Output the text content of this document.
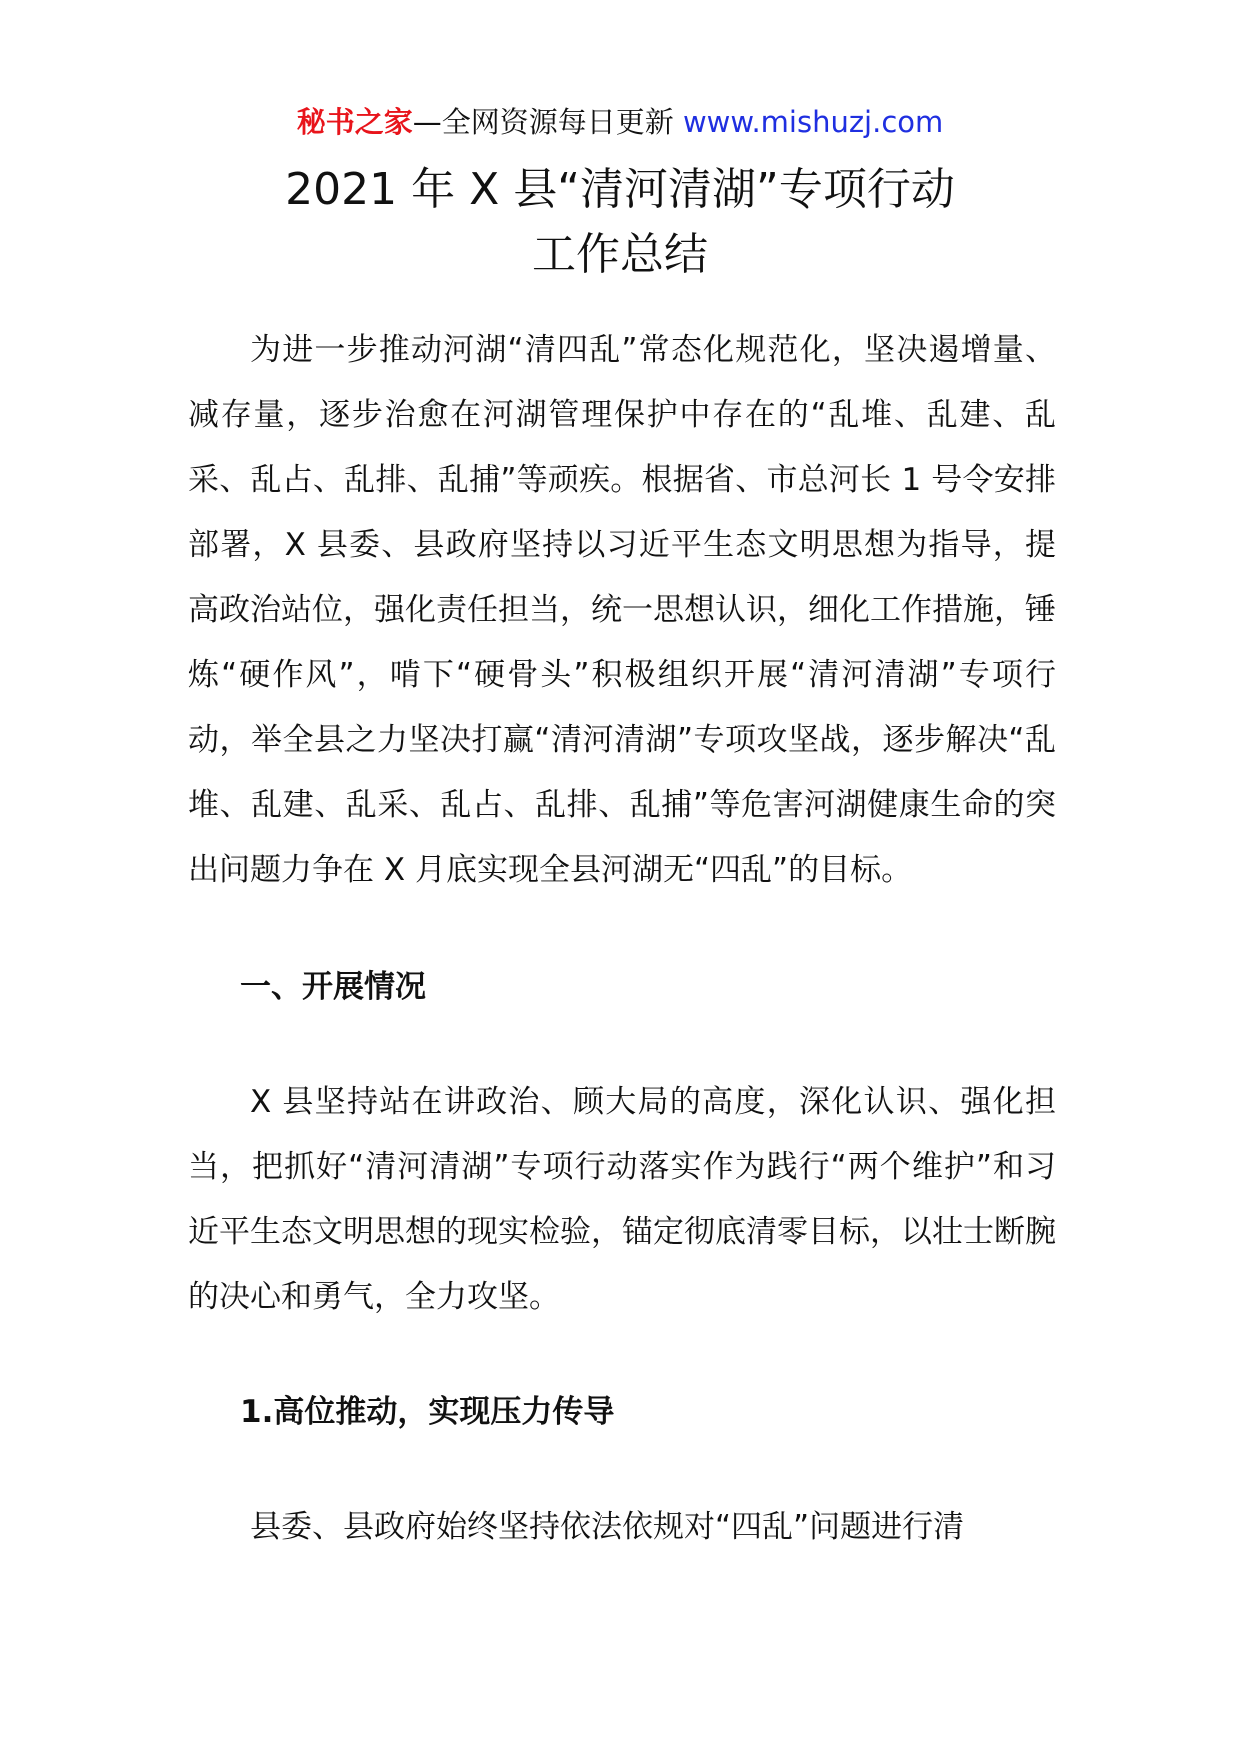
秘书之家—全网资源每日更新 www.mishuzj.com
2021 年 X 县“清河清湖”专项行动
工作总结

为进一步推动河湖“清四乱”常态化规范化，坚决遏增量、减存量，逐步治愈在河湖管理保护中存在的“乱堆、乱建、乱采、乱占、乱排、乱捕”等顽疾。根据省、市总河长 1 号令安排部署，X 县委、县政府坚持以习近平生态文明思想为指导，提高政治站位，强化责任担当，统一思想认识，细化工作措施，锤炼“硬作风”，啃下“硬骨头”积极组织开展“清河清湖”专项行动，举全县之力坚决打赢“清河清湖”专项攻坚战，逐步解决“乱堆、乱建、乱采、乱占、乱排、乱捕”等危害河湖健康生命的突出问题力争在 X 月底实现全县河湖无“四乱”的目标。

一、开展情况

X 县坚持站在讲政治、顾大局的高度，深化认识、强化担当，把抓好“清河清湖”专项行动落实作为践行“两个维护”和习近平生态文明思想的现实检验，锚定彻底清零目标，以壮士断腕的决心和勇气，全力攻坚。

1.高位推动，实现压力传导

县委、县政府始终坚持依法依规对“四乱”问题进行清
